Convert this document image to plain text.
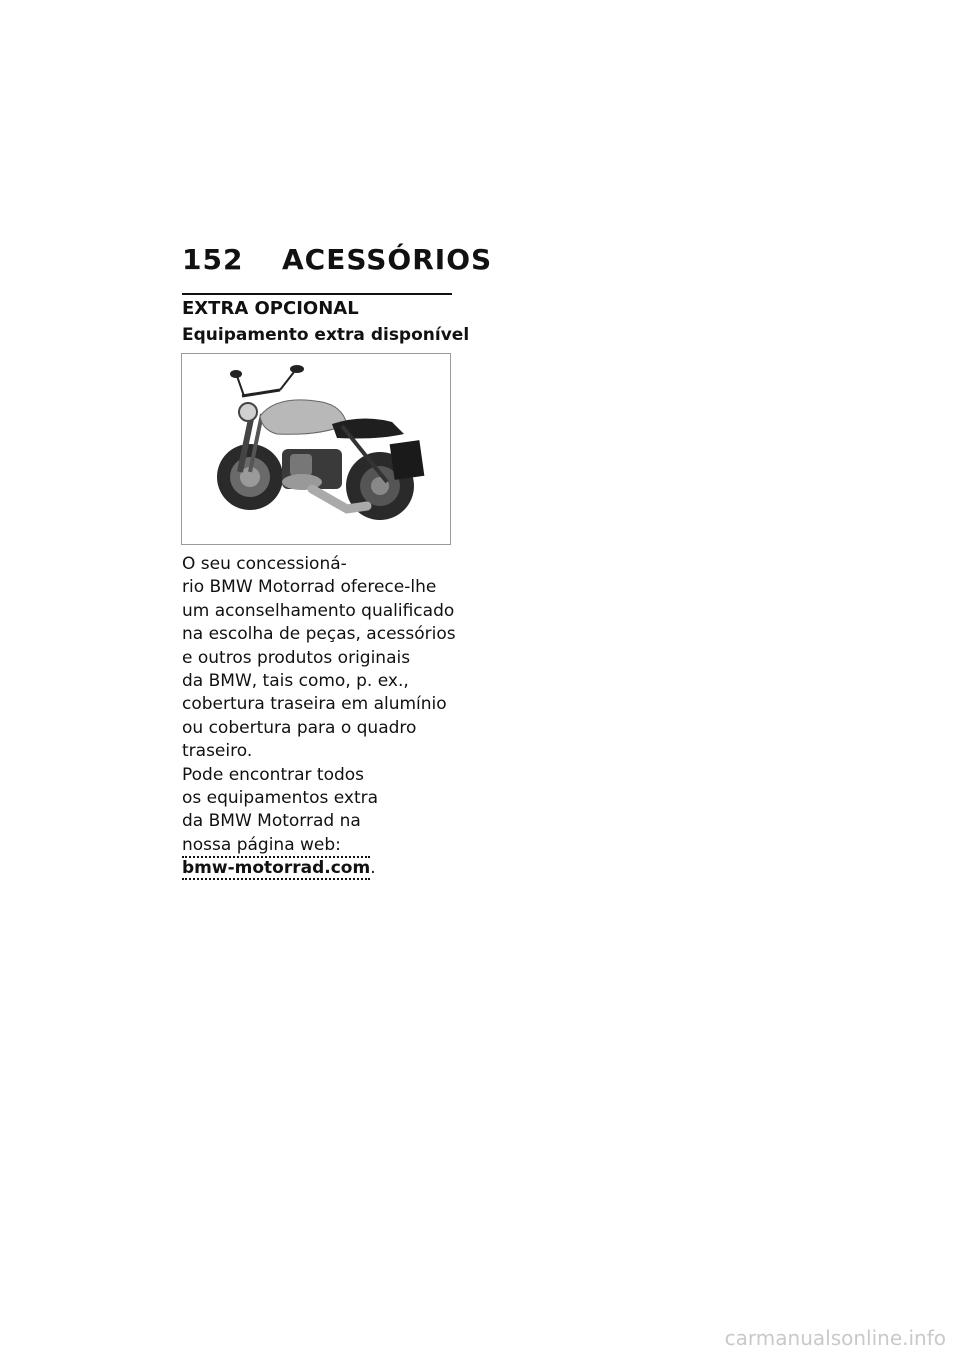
152 ACESSÓRIOS
EXTRA OPCIONAL
Equipamento extra disponível
O seu concessioná-
rio BMW Motorrad oferece-lhe
um aconselhamento qualificado
na escolha de peças, acessórios
e outros produtos originais
da BMW, tais como, p. ex.,
cobertura traseira em alumínio
ou cobertura para o quadro
traseiro.
Pode encontrar todos
os equipamentos extra
da BMW Motorrad na
nossa página web:
bmw-motorrad.com.
carmanualsonline.info
